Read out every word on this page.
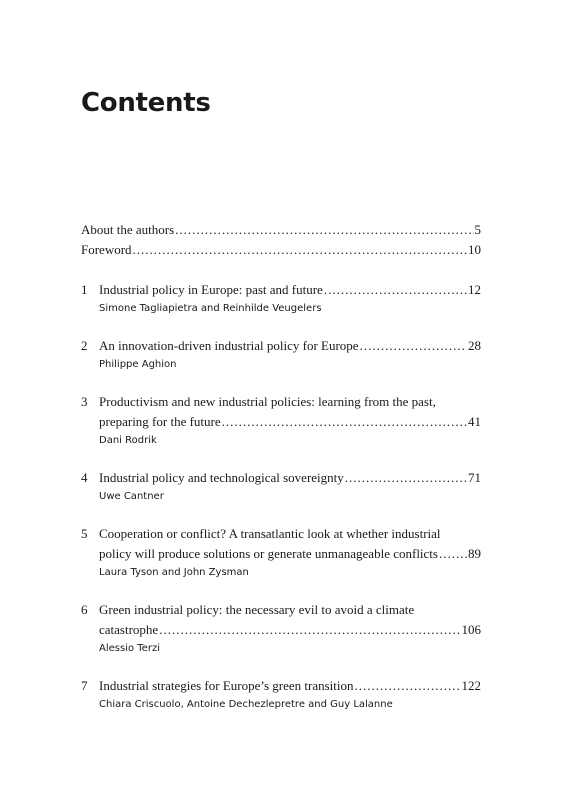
Contents
About the authors .....	5
Foreword .....	10
1 Industrial policy in Europe: past and future .....	12
Simone Tagliapietra and Reinhilde Veugelers
2 An innovation-driven industrial policy for Europe .....	28
Philippe Aghion
3 Productivism and new industrial policies: learning from the past,
preparing for the future .....	41
Dani Rodrik
4 Industrial policy and technological sovereignty .....	71
Uwe Cantner
5 Cooperation or conflict? A transatlantic look at whether industrial
policy will produce solutions or generate unmanageable conflicts ..... 89
Laura Tyson and John Zysman
6 Green industrial policy: the necessary evil to avoid a climate
catastrophe .....	106
Alessio Terzi
7 Industrial strategies for Europe’s green transition .....	122
Chiara Criscuolo, Antoine Dechezlepretre and Guy Lalanne
